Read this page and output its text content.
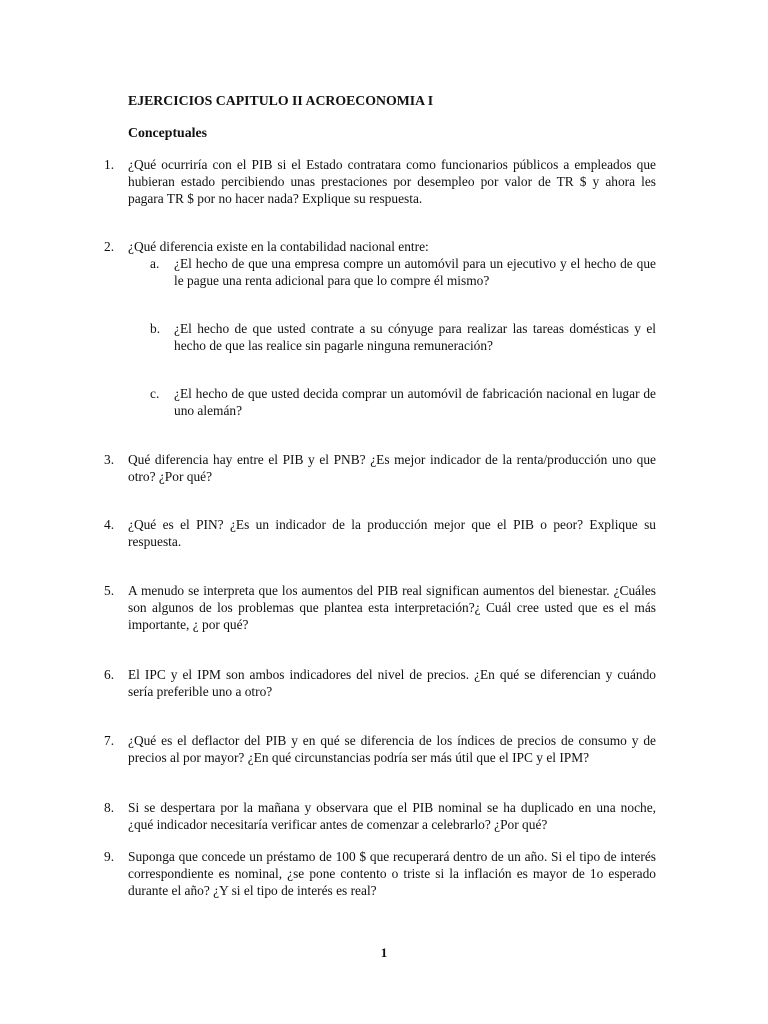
EJERCICIOS CAPITULO II ACROECONOMIA I
Conceptuales
1. ¿Qué ocurriría con el PIB si el Estado contratara como funcionarios públicos a empleados que hubieran estado percibiendo unas prestaciones por desempleo por valor de TR $ y ahora les pagara TR $ por no hacer nada? Explique su respuesta.
2. ¿Qué diferencia existe en la contabilidad nacional entre:
a. ¿El hecho de que una empresa compre un automóvil para un ejecutivo y el hecho de que le pague una renta adicional para que lo compre él mismo?
b. ¿El hecho de que usted contrate a su cónyuge para realizar las tareas domésticas y el hecho de que las realice sin pagarle ninguna remuneración?
c. ¿El hecho de que usted decida comprar un automóvil de fabricación nacional en lugar de uno alemán?
3. Qué diferencia hay entre el PIB y el PNB? ¿Es mejor indicador de la renta/producción uno que otro? ¿Por qué?
4. ¿Qué es el PIN? ¿Es un indicador de la producción mejor que el PIB o peor? Explique su respuesta.
5. A menudo se interpreta que los aumentos del PIB real significan aumentos del bienestar. ¿Cuáles son algunos de los problemas que plantea esta interpretación?¿ Cuál cree usted que es el más importante, ¿ por qué?
6. El IPC y el IPM son ambos indicadores del nivel de precios. ¿En qué se diferencian y cuándo sería preferible uno a otro?
7. ¿Qué es el deflactor del PIB y en qué se diferencia de los índices de precios de consumo y de precios al por mayor? ¿En qué circunstancias podría ser más útil que el IPC y el IPM?
8. Si se despertara por la mañana y observara que el PIB nominal se ha duplicado en una noche, ¿qué indicador necesitaría verificar antes de comenzar a celebrarlo? ¿Por qué?
9. Suponga que concede un préstamo de 100 $ que recuperará dentro de un año. Si el tipo de interés correspondiente es nominal, ¿se pone contento o triste si la inflación es mayor de 1o esperado durante el año? ¿Y si el tipo de interés es real?
1
